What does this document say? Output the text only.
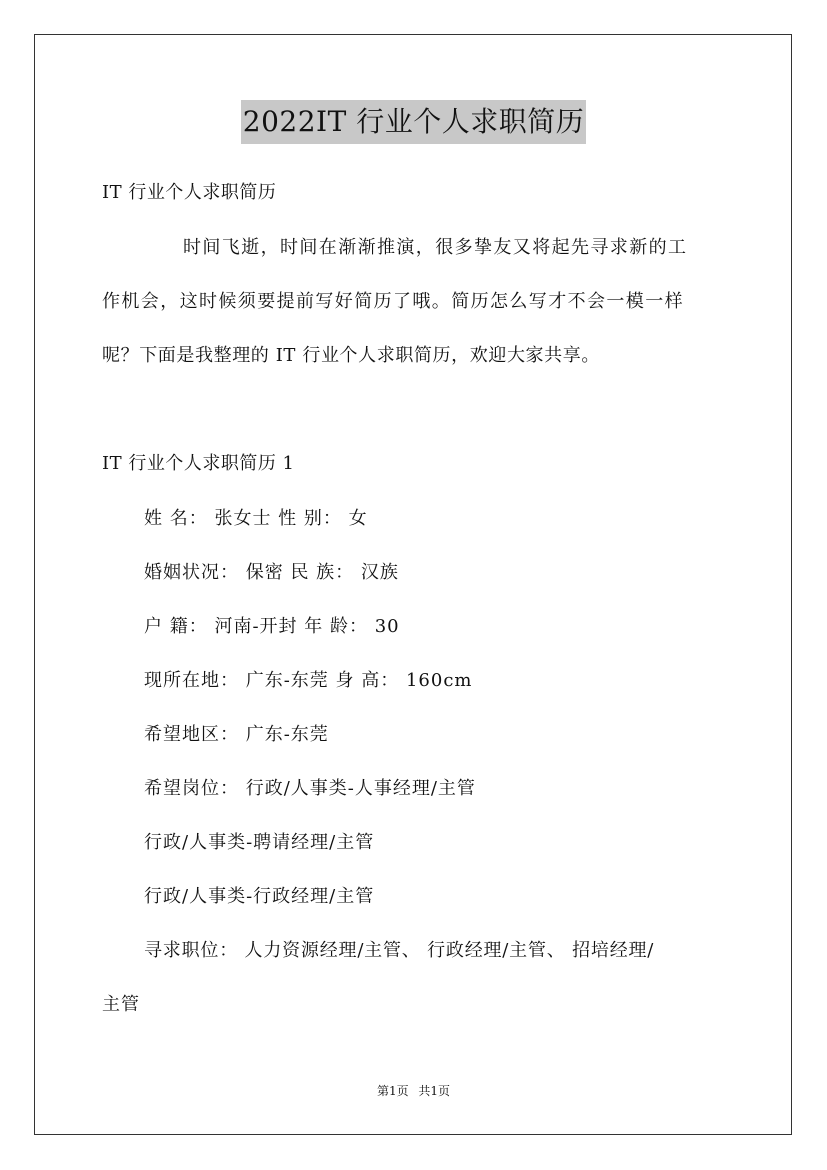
2022IT 行业个人求职简历
IT 行业个人求职简历
时间飞逝，时间在渐渐推演，很多挚友又将起先寻求新的工
作机会，这时候须要提前写好简历了哦。简历怎么写才不会一模一样
呢？下面是我整理的 IT 行业个人求职简历，欢迎大家共享。
IT 行业个人求职简历 1
姓 名： 张女士 性 别： 女
婚姻状况： 保密 民 族： 汉族
户 籍： 河南-开封 年 龄： 30
现所在地： 广东-东莞 身 高： 160cm
希望地区： 广东-东莞
希望岗位： 行政/人事类-人事经理/主管
行政/人事类-聘请经理/主管
行政/人事类-行政经理/主管
寻求职位： 人力资源经理/主管、 行政经理/主管、 招培经理/
主管
第1页 共1页
